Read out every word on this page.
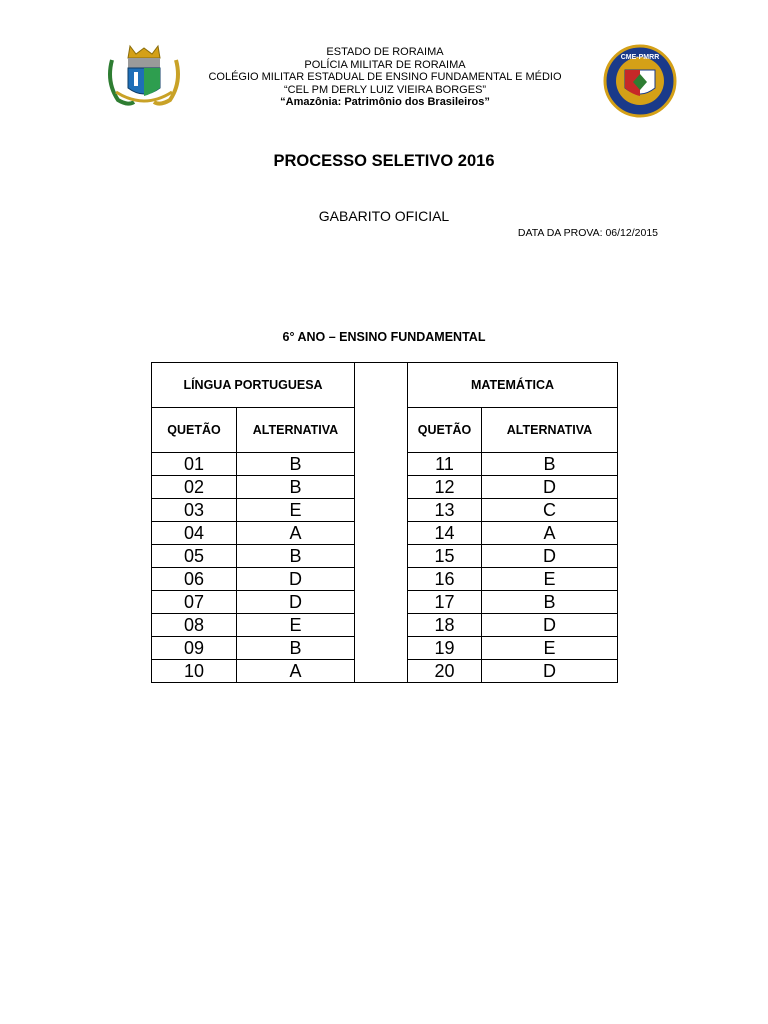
ESTADO DE RORAIMA
POLÍCIA MILITAR DE RORAIMA
COLÉGIO MILITAR ESTADUAL DE ENSINO FUNDAMENTAL E MÉDIO
“CEL PM DERLY LUIZ VIEIRA BORGES”
“Amazônia: Patrimônio dos Brasileiros”
CME-PMRR
PROCESSO SELETIVO 2016
GABARITO OFICIAL
DATA DA PROVA: 06/12/2015
6° ANO – ENSINO FUNDAMENTAL
LÍNGUA PORTUGUESA			MATEMÁTICA	
QUETÃO	ALTERNATIVA		QUETÃO	ALTERNATIVA
01	B		11	B
02	B		12	D
03	E		13	C
04	A		14	A
05	B		15	D
06	D		16	E
07	D		17	B
08	E		18	D
09	B		19	E
10	A		20	D
